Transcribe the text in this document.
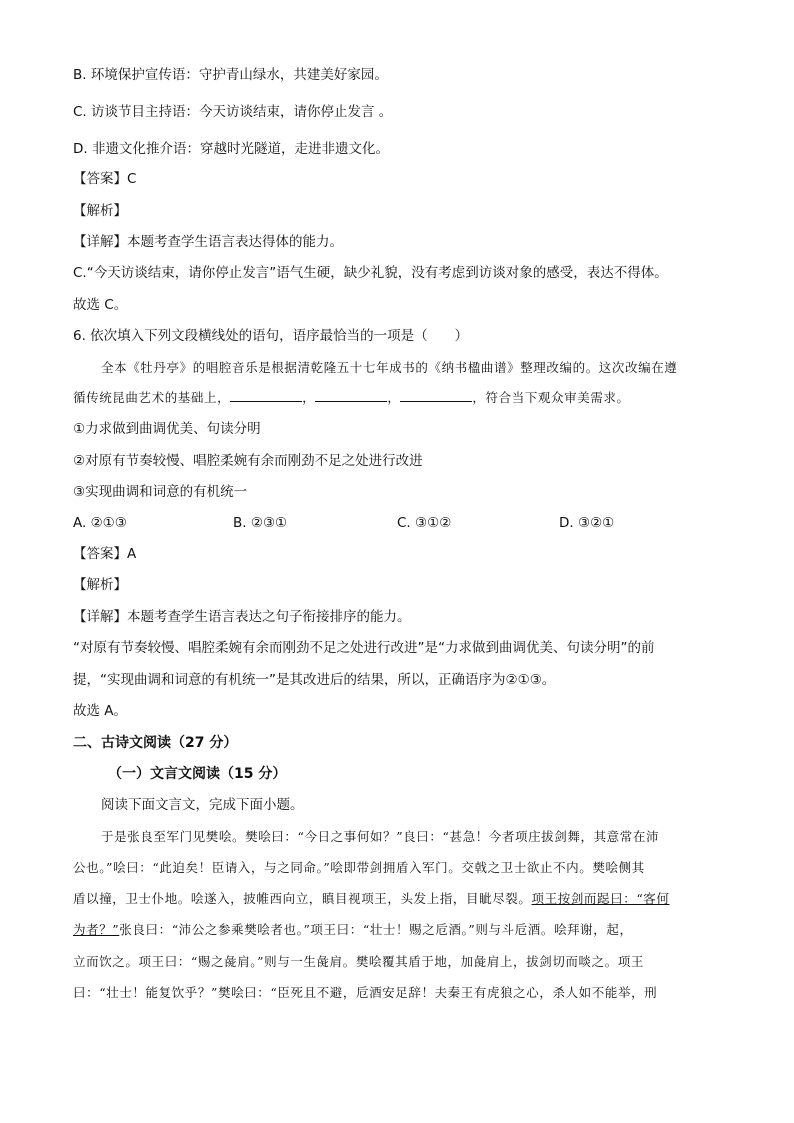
B. 环境保护宣传语：守护青山绿水，共建美好家园。
C. 访谈节目主持语：今天访谈结束，请你停止发言 。
D. 非遗文化推介语：穿越时光隧道，走进非遗文化。
【答案】C
【解析】
【详解】本题考查学生语言表达得体的能力。
C.“今天访谈结束，请你停止发言”语气生硬，缺少礼貌，没有考虑到访谈对象的感受，表达不得体。
故选 C。
6. 依次填入下列文段横线处的语句，语序最恰当的一项是（　　）
全本《牡丹亭》的唱腔音乐是根据清乾隆五十七年成书的《纳书楹曲谱》整理改编的。这次改编在遵
循传统昆曲艺术的基础上，	，	，	，符合当下观众审美需求。
①力求做到曲调优美、句读分明
②对原有节奏较慢、唱腔柔婉有余而刚劲不足之处进行改进
③实现曲调和词意的有机统一
A. ②①③	B. ②③①	C. ③①②	D. ③②①
【答案】A
【解析】
【详解】本题考查学生语言表达之句子衔接排序的能力。
“对原有节奏较慢、唱腔柔婉有余而刚劲不足之处进行改进”是“力求做到曲调优美、句读分明”的前
提，“实现曲调和词意的有机统一”是其改进后的结果，所以，正确语序为②①③。
故选 A。
二、古诗文阅读（27 分）
（一）文言文阅读（15 分）
阅读下面文言文，完成下面小题。
于是张良至军门见樊哙。樊哙曰：“今日之事何如？”良曰：“甚急！今者项庄拔剑舞，其意常在沛
公也。”哙曰：“此迫矣！臣请入，与之同命。”哙即带剑拥盾入军门。交戟之卫士欲止不内。樊哙侧其
盾以撞，卫士仆地。哙遂入，披帷西向立，瞋目视项王，头发上指，目眦尽裂。项王按剑而跽曰：“客何
为者？”张良曰：“沛公之参乘樊哙者也。”项王曰：“壮士！赐之卮酒。”则与斗卮酒。哙拜谢，起，
立而饮之。项王曰：“赐之彘肩。”则与一生彘肩。樊哙覆其盾于地，加彘肩上，拔剑切而啖之。项王
曰：“壮士！能复饮乎？”樊哙曰：“臣死且不避，卮酒安足辞！夫秦王有虎狼之心，杀人如不能举，刑
